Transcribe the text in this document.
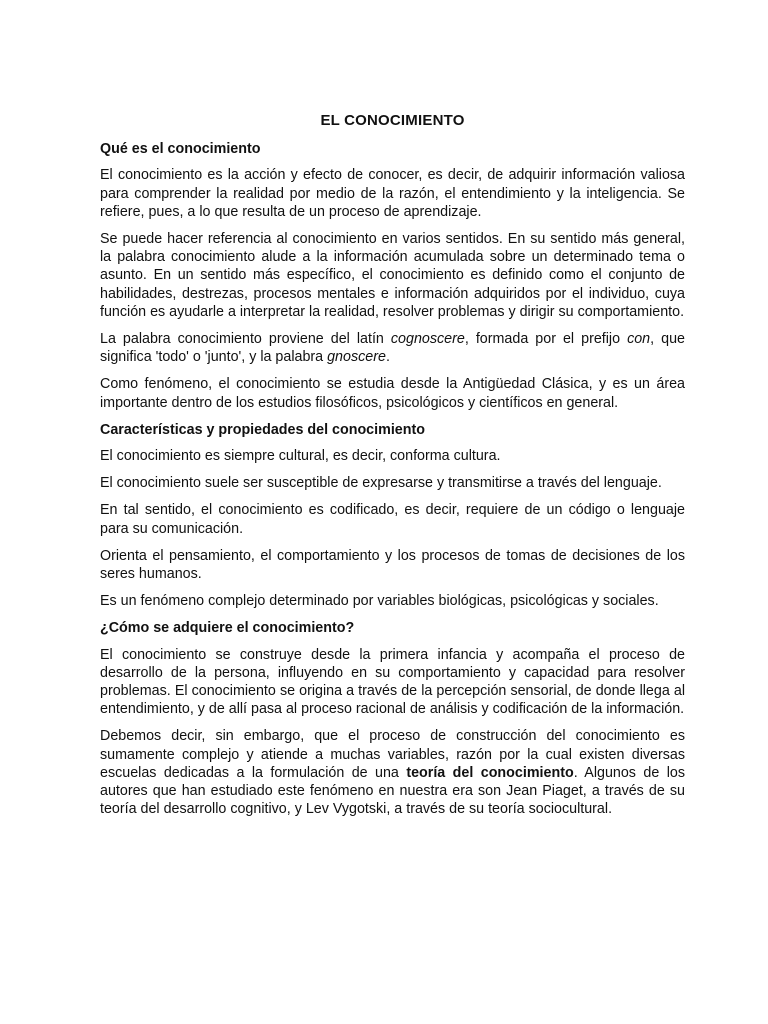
EL CONOCIMIENTO
Qué es el conocimiento
El conocimiento es la acción y efecto de conocer, es decir, de adquirir información valiosa para comprender la realidad por medio de la razón, el entendimiento y la inteligencia. Se refiere, pues, a lo que resulta de un proceso de aprendizaje.
Se puede hacer referencia al conocimiento en varios sentidos. En su sentido más general, la palabra conocimiento alude a la información acumulada sobre un determinado tema o asunto. En un sentido más específico, el conocimiento es definido como el conjunto de habilidades, destrezas, procesos mentales e información adquiridos por el individuo, cuya función es ayudarle a interpretar la realidad, resolver problemas y dirigir su comportamiento.
La palabra conocimiento proviene del latín cognoscere, formada por el prefijo con, que significa 'todo' o 'junto', y la palabra gnoscere.
Como fenómeno, el conocimiento se estudia desde la Antigüedad Clásica, y es un área importante dentro de los estudios filosóficos, psicológicos y científicos en general.
Características y propiedades del conocimiento
El conocimiento es siempre cultural, es decir, conforma cultura.
El conocimiento suele ser susceptible de expresarse y transmitirse a través del lenguaje.
En tal sentido, el conocimiento es codificado, es decir, requiere de un código o lenguaje para su comunicación.
Orienta el pensamiento, el comportamiento y los procesos de tomas de decisiones de los seres humanos.
Es un fenómeno complejo determinado por variables biológicas, psicológicas y sociales.
¿Cómo se adquiere el conocimiento?
El conocimiento se construye desde la primera infancia y acompaña el proceso de desarrollo de la persona, influyendo en su comportamiento y capacidad para resolver problemas. El conocimiento se origina a través de la percepción sensorial, de donde llega al entendimiento, y de allí pasa al proceso racional de análisis y codificación de la información.
Debemos decir, sin embargo, que el proceso de construcción del conocimiento es sumamente complejo y atiende a muchas variables, razón por la cual existen diversas escuelas dedicadas a la formulación de una teoría del conocimiento. Algunos de los autores que han estudiado este fenómeno en nuestra era son Jean Piaget, a través de su teoría del desarrollo cognitivo, y Lev Vygotski, a través de su teoría sociocultural.
